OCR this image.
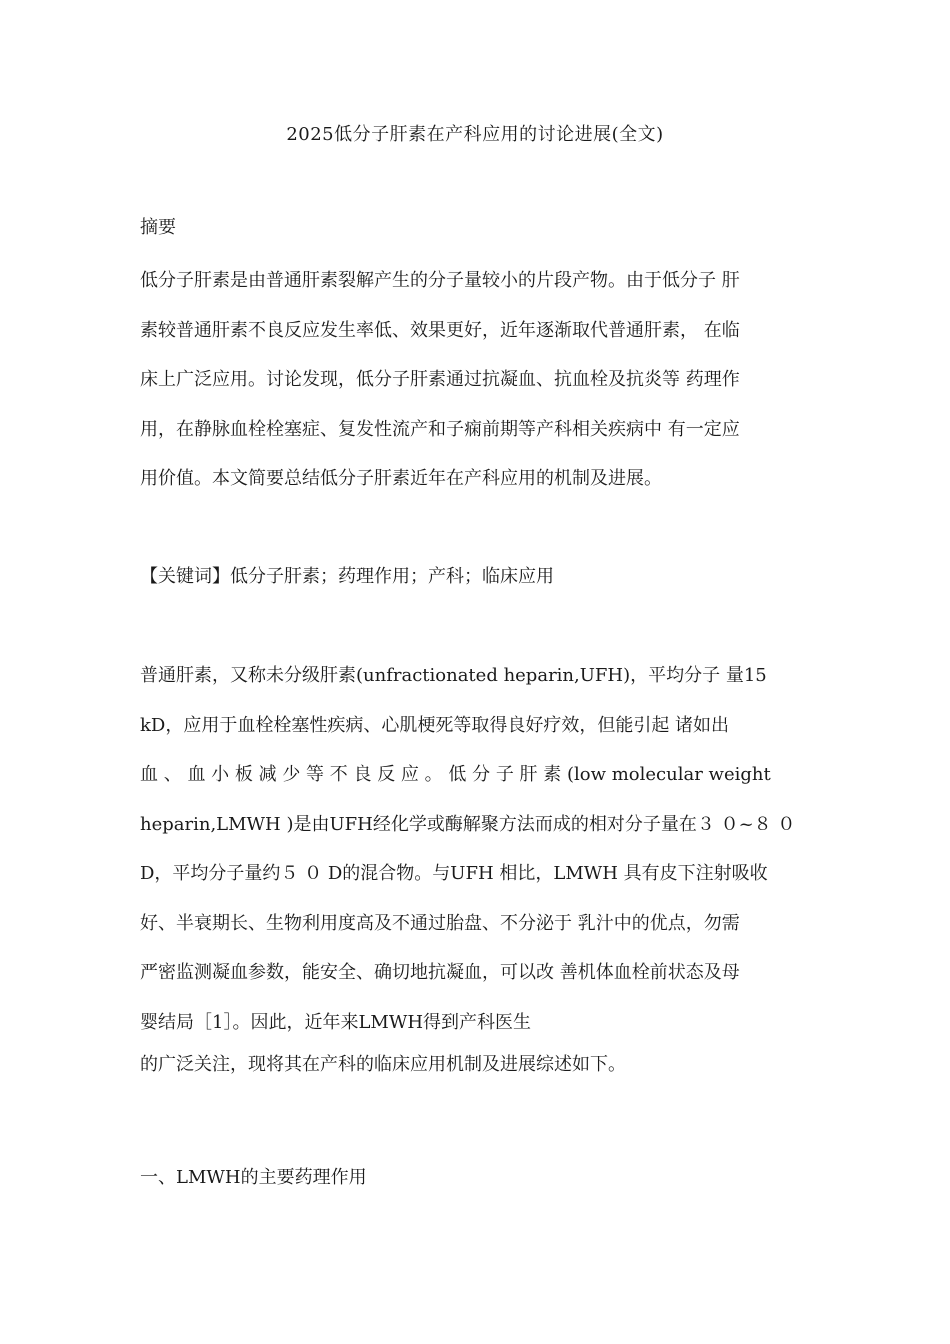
2025低分子肝素在产科应用的讨论进展(全文)
摘要
低分子肝素是由普通肝素裂解产生的分子量较小的片段产物。由于低分子 肝
素较普通肝素不良反应发生率低、效果更好，近年逐渐取代普通肝素， 在临
床上广泛应用。讨论发现，低分子肝素通过抗凝血、抗血栓及抗炎等 药理作
用，在静脉血栓栓塞症、复发性流产和子痫前期等产科相关疾病中 有一定应
用价值。本文简要总结低分子肝素近年在产科应用的机制及进展。
【关键词】低分子肝素；药理作用；产科；临床应用
普通肝素，又称未分级肝素(unfractionated heparin,UFH)，平均分子 量15
kD，应用于血栓栓塞性疾病、心肌梗死等取得良好疗效，但能引起 诸如出
血 、 血 小 板 减 少 等 不 良 反 应 。 低 分 子 肝 素 (low molecular weight
heparin,LMWH )是由UFH经化学或酶解聚方法而成的相对分子量在３ ０~８ ０
D，平均分子量约５ ０ D的混合物。与UFH 相比，LMWH 具有皮下注射吸收
好、半衰期长、生物利用度高及不通过胎盘、不分泌于 乳汁中的优点，勿需
严密监测凝血参数，能安全、确切地抗凝血，可以改 善机体血栓前状态及母
婴结局［1］。因此，近年来LMWH得到产科医生
的广泛关注，现将其在产科的临床应用机制及进展综述如下。
一、LMWH的主要药理作用
